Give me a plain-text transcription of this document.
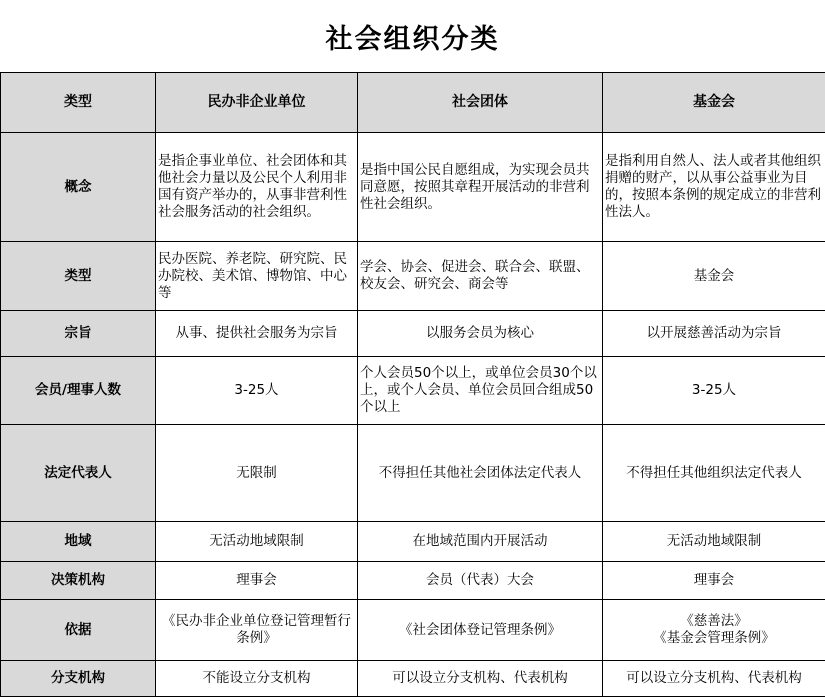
社会组织分类
类型	民办非企业单位	社会团体	基金会
概念	是指企事业单位、社会团体和其他社会力量以及公民个人利用非国有资产举办的，从事非营利性社会服务活动的社会组织。	是指中国公民自愿组成，为实现会员共同意愿，按照其章程开展活动的非营利性社会组织。	是指利用自然人、法人或者其他组织捐赠的财产，以从事公益事业为目的，按照本条例的规定成立的非营利性法人。
类型	民办医院、养老院、研究院、民办院校、美术馆、博物馆、中心等	学会、协会、促进会、联合会、联盟、校友会、研究会、商会等	基金会
宗旨	从事、提供社会服务为宗旨	以服务会员为核心	以开展慈善活动为宗旨
会员/理事人数	3-25人	个人会员50个以上，或单位会员30个以上，或个人会员、单位会员回合组成50个以上	3-25人
法定代表人	无限制	不得担任其他社会团体法定代表人	不得担任其他组织法定代表人
地域	无活动地域限制	在地域范围内开展活动	无活动地域限制
决策机构	理事会	会员（代表）大会	理事会
依据	《民办非企业单位登记管理暂行条例》	《社会团体登记管理条例》	《慈善法》
《基金会管理条例》
分支机构	不能设立分支机构	可以设立分支机构、代表机构	可以设立分支机构、代表机构
